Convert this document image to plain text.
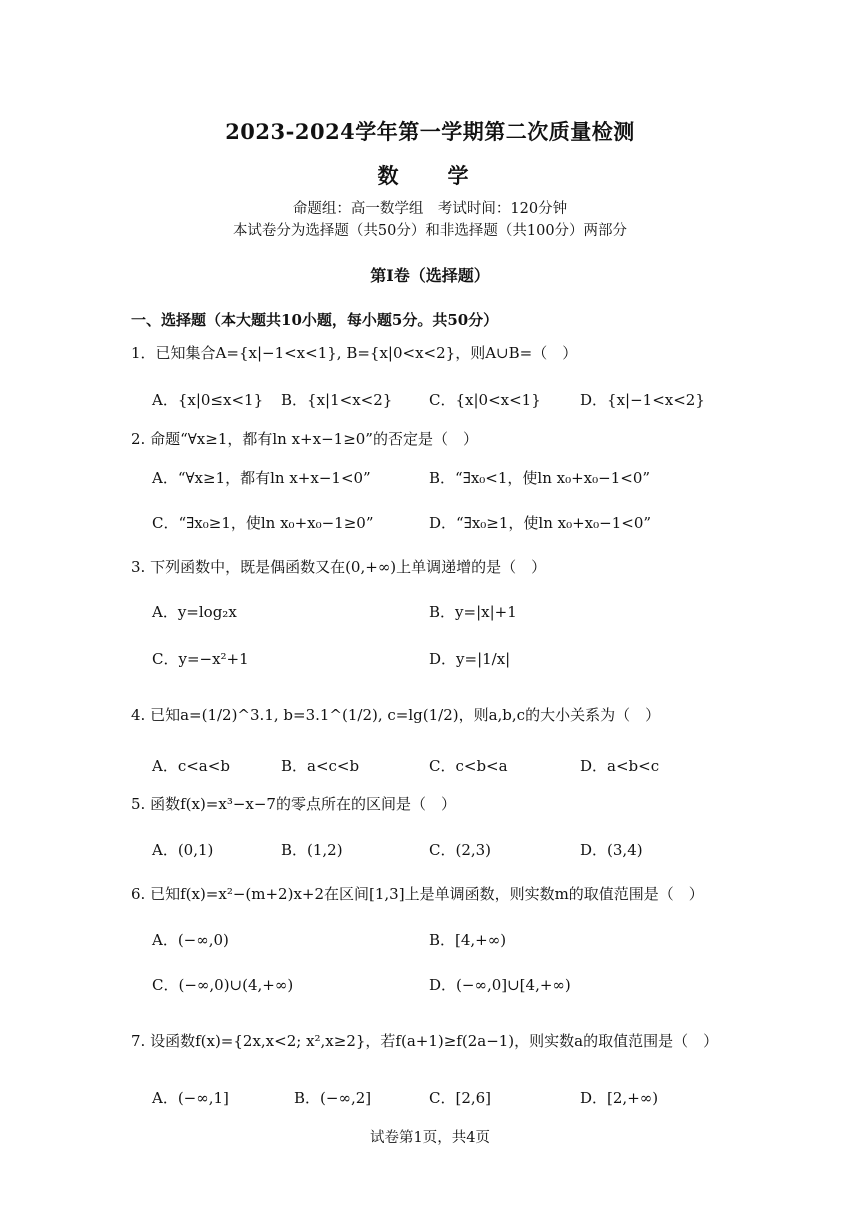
2023-2024学年第一学期第二次质量检测
数　学
命题组：高一数学组　考试时间：120分钟
本试卷分为选择题（共50分）和非选择题（共100分）两部分
第Ⅰ卷（选择题）
一、选择题（本大题共10小题，每小题5分。共50分）
1．已知集合A={x|−1<x<1}, B={x|0<x<2}，则A∪B=（　）
A．{x|0≤x<1} B．{x|1<x<2} C．{x|0<x<1}	D．{x|−1<x<2}
2. 命题“∀x≥1，都有ln x+x−1≥0”的否定是（　）
A．“∀x≥1，都有ln x+x−1<0”	B．“∃x₀<1，使ln x₀+x₀−1<0”
C．“∃x₀≥1，使ln x₀+x₀−1≥0”	D．“∃x₀≥1，使ln x₀+x₀−1<0”
3. 下列函数中，既是偶函数又在(0,+∞)上单调递增的是（　）
A．y=log₂x	B．y=|x|+1
C．y=−x²+1	D．y=|1/x|
4. 已知a=(1/2)^3.1, b=3.1^(1/2), c=lg(1/2)，则a,b,c的大小关系为（　）
A．c<a<b	B．a<c<b	C．c<b<a	D．a<b<c
5. 函数f(x)=x³−x−7的零点所在的区间是（　）
A．(0,1)	B．(1,2)	C．(2,3)	D．(3,4)
6. 已知f(x)=x²−(m+2)x+2在区间[1,3]上是单调函数，则实数m的取值范围是（　）
A．(−∞,0)	B．[4,+∞)
C．(−∞,0)∪(4,+∞)	D．(−∞,0]∪[4,+∞)
7. 设函数f(x)={2x,x<2; x²,x≥2}，若f(a+1)≥f(2a−1)，则实数a的取值范围是（　）
A．(−∞,1]	B．(−∞,2]	C．[2,6]	D．[2,+∞)
试卷第1页，共4页
